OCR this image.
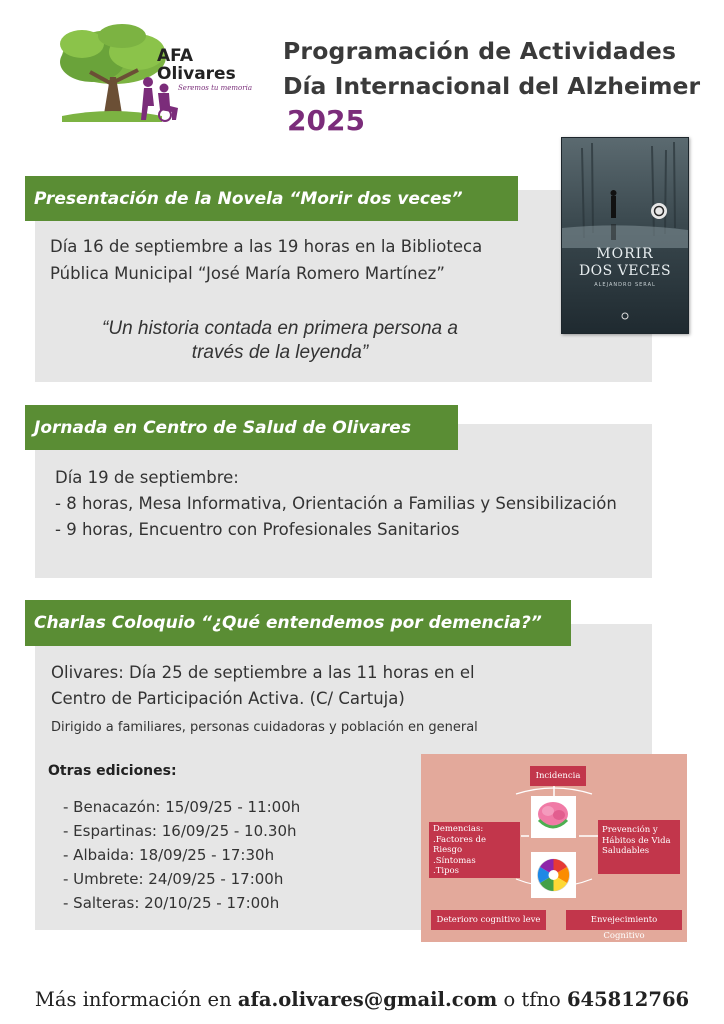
AFA
Olivares
Seremos tu memoria
Programación de Actividades
Día Internacional del Alzheimer
2025
Presentación de la Novela “Morir dos veces”
Día 16 de septiembre a las 19 horas en la Biblioteca
Pública Municipal “José María Romero Martínez”
“Un historia contada en primera persona a
través de la leyenda”
MORIR
DOS VECES
ALEJANDRO SERAL
Jornada en Centro de Salud de Olivares
Día 19 de septiembre:
- 8 horas, Mesa Informativa, Orientación a Familias y Sensibilización
- 9 horas, Encuentro con Profesionales Sanitarios
Charlas Coloquio “¿Qué entendemos por demencia?”
Olivares: Día 25 de septiembre a las 11 horas en el
Centro de Participación Activa. (C/ Cartuja)
Dirigido a familiares, personas cuidadoras y población en general
Otras ediciones:
- Benacazón: 15/09/25 - 11:00h
- Espartinas: 16/09/25 - 10.30h
- Albaida: 18/09/25 - 17:30h
- Umbrete: 24/09/25 - 17:00h
- Salteras: 20/10/25 - 17:00h
Incidencia
Demencias:
.Factores de Riesgo
.Síntomas
.Tipos
Prevención y
Hábitos de Vida
Saludables
Deterioro cognitivo leve	Envejecimiento Cognitivo
Más información en afa.olivares@gmail.com o tfno 645812766
